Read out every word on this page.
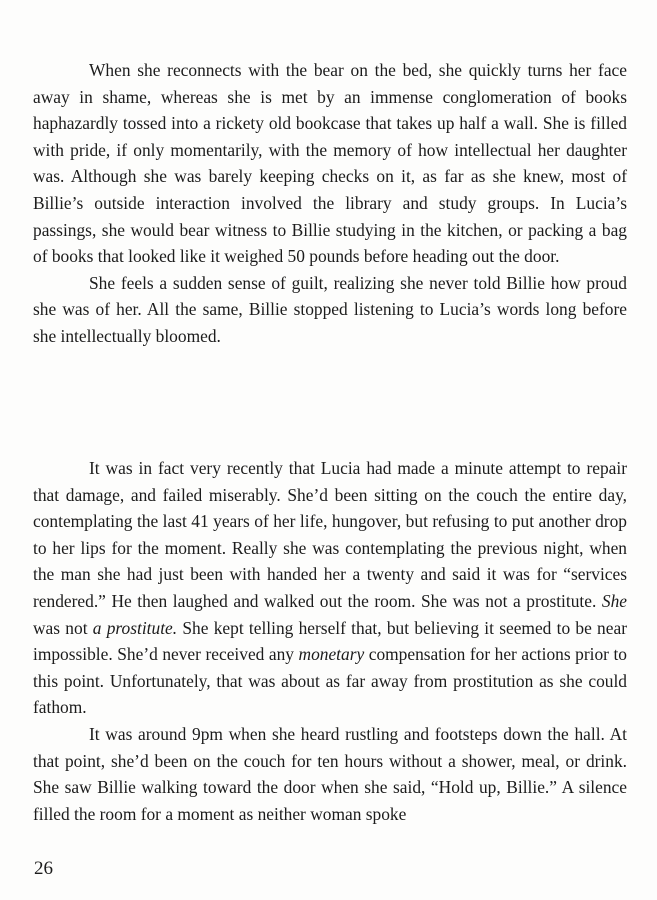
When she reconnects with the bear on the bed, she quickly turns her face away in shame, whereas she is met by an immense conglomeration of books haphazardly tossed into a rickety old bookcase that takes up half a wall. She is filled with pride, if only momentarily, with the memory of how intellectual her daughter was. Although she was barely keeping checks on it, as far as she knew, most of Billie’s outside interaction involved the library and study groups. In Lucia’s passings, she would bear witness to Billie studying in the kitchen, or packing a bag of books that looked like it weighed 50 pounds before heading out the door.

She feels a sudden sense of guilt, realizing she never told Billie how proud she was of her. All the same, Billie stopped listening to Lucia’s words long before she intellectually bloomed.

It was in fact very recently that Lucia had made a minute attempt to repair that damage, and failed miserably. She’d been sitting on the couch the entire day, contemplating the last 41 years of her life, hungover, but refusing to put another drop to her lips for the moment. Really she was contemplating the previous night, when the man she had just been with handed her a twenty and said it was for “services rendered.” He then laughed and walked out the room. She was not a prostitute. She was not a prostitute. She kept telling herself that, but believing it seemed to be near impossible. She’d never received any monetary compensation for her actions prior to this point. Unfortunately, that was about as far away from prostitution as she could fathom.

It was around 9pm when she heard rustling and footsteps down the hall. At that point, she’d been on the couch for ten hours without a shower, meal, or drink. She saw Billie walking toward the door when she said, “Hold up, Billie.” A silence filled the room for a moment as neither woman spoke

26
